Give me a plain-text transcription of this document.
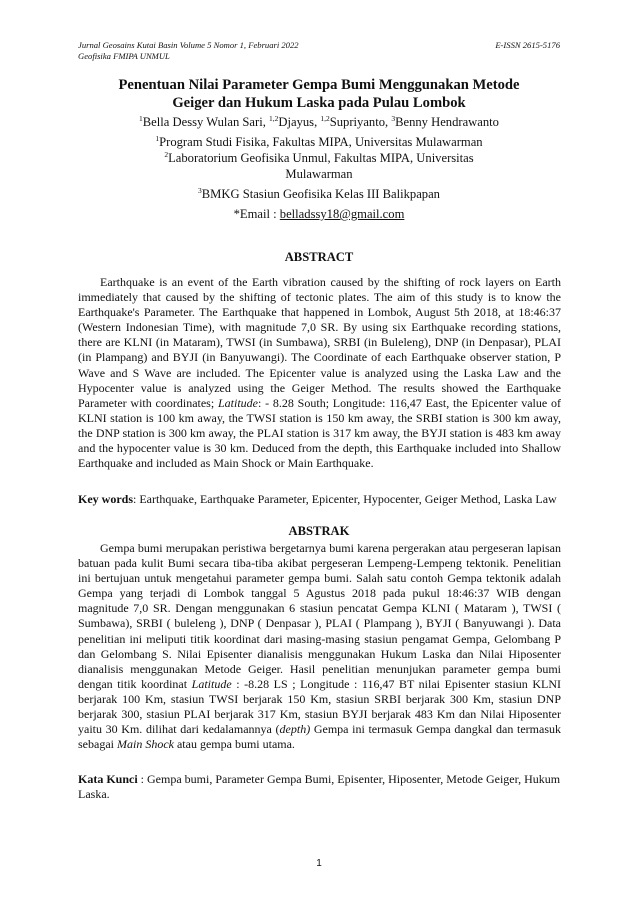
Jurnal Geosains Kutai Basin Volume 5 Nomor 1, Februari 2022	E-ISSN 2615-5176
Geofisika FMIPA UNMUL
Penentuan Nilai Parameter Gempa Bumi Menggunakan Metode
Geiger dan Hukum Laska pada Pulau Lombok
$^1$Bella Dessy Wulan Sari, $^{1,2}$Djayus, $^{1,2}$Supriyanto, $^3$Benny Hendrawanto
$^1$Program Studi Fisika, Fakultas MIPA, Universitas Mulawarman
$^2$Laboratorium Geofisika Unmul, Fakultas MIPA, Universitas
Mulawarman
$^3$BMKG Stasiun Geofisika Kelas III Balikpapan
*Email : belladssy18@gmail.com
ABSTRACT
Earthquake is an event of the Earth vibration caused by the shifting of rock layers on Earth immediately that caused by the shifting of tectonic plates. The aim of this study is to know the Earthquake's Parameter. The Earthquake that happened in Lombok, August 5th 2018, at 18:46:37 (Western Indonesian Time), with magnitude 7,0 SR. By using six Earthquake recording stations, there are KLNI (in Mataram), TWSI (in Sumbawa), SRBI (in Buleleng), DNP (in Denpasar), PLAI (in Plampang) and BYJI (in Banyuwangi). The Coordinate of each Earthquake observer station, P Wave and S Wave are included. The Epicenter value is analyzed using the Laska Law and the Hypocenter value is analyzed using the Geiger Method. The results showed the Earthquake Parameter with coordinates; Latitude: - 8.28 South; Longitude: 116,47 East, the Epicenter value of KLNI station is 100 km away, the TWSI station is 150 km away, the SRBI station is 300 km away, the DNP station is 300 km away, the PLAI station is 317 km away, the BYJI station is 483 km away and the hypocenter value is 30 km. Deduced from the depth, this Earthquake included into Shallow Earthquake and included as Main Shock or Main Earthquake.
Key words: Earthquake, Earthquake Parameter, Epicenter, Hypocenter, Geiger Method, Laska Law
ABSTRAK
Gempa bumi merupakan peristiwa bergetarnya bumi karena pergerakan atau pergeseran lapisan batuan pada kulit Bumi secara tiba-tiba akibat pergeseran Lempeng-Lempeng tektonik. Penelitian ini bertujuan untuk mengetahui parameter gempa bumi. Salah satu contoh Gempa tektonik adalah Gempa yang terjadi di Lombok tanggal 5 Agustus 2018 pada pukul 18:46:37 WIB dengan magnitude 7,0 SR. Dengan menggunakan 6 stasiun pencatat Gempa KLNI ( Mataram ), TWSI ( Sumbawa), SRBI ( buleleng ), DNP ( Denpasar ), PLAI ( Plampang ), BYJI ( Banyuwangi ). Data penelitian ini meliputi titik koordinat dari masing-masing stasiun pengamat Gempa, Gelombang P dan Gelombang S. Nilai Episenter dianalisis menggunakan Hukum Laska dan Nilai Hiposenter dianalisis menggunakan Metode Geiger. Hasil penelitian menunjukan parameter gempa bumi dengan titik koordinat Latitude : -8.28 LS ; Longitude : 116,47 BT nilai Episenter stasiun KLNI berjarak 100 Km, stasiun TWSI berjarak 150 Km, stasiun SRBI berjarak 300 Km, stasiun DNP berjarak 300, stasiun PLAI berjarak 317 Km, stasiun BYJI berjarak 483 Km dan Nilai Hiposenter yaitu 30 Km. dilihat dari kedalamannya (depth) Gempa ini termasuk Gempa dangkal dan termasuk sebagai Main Shock atau gempa bumi utama.
Kata Kunci : Gempa bumi, Parameter Gempa Bumi, Episenter, Hiposenter, Metode Geiger, Hukum Laska.
1
